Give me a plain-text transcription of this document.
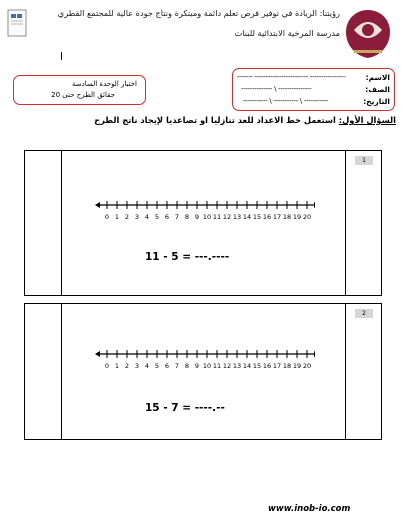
رؤيتنا: الريادة في توفير فرص تعلم دائمة ومبتكرة ونتاج جودة عالية للمجتمع القطري
مدرسة المرخية الابتدائية للبنات
اختبار الوحدة السادسة
حقائق الطرح حتى 20
الاسم:
------- ------------------------ ----------------
الصف:
-------------- \ ---------------
التاريخ:
----------- \ ----------- \ -----------
السؤال الأول: استعمل خط الاعداد للعد تنازليا او تصاعديا لإيجاد ناتج الطرح
1
0 1 2 3 4 5 6 7 8 9 10 11 12 13 14 15 16 17 18 19 20
11 - 5 = ---.----
2
0 1 2 3 4 5 6 7 8 9 10 11 12 13 14 15 16 17 18 19 20
15 - 7 = ----.--
www.inob-io.com
